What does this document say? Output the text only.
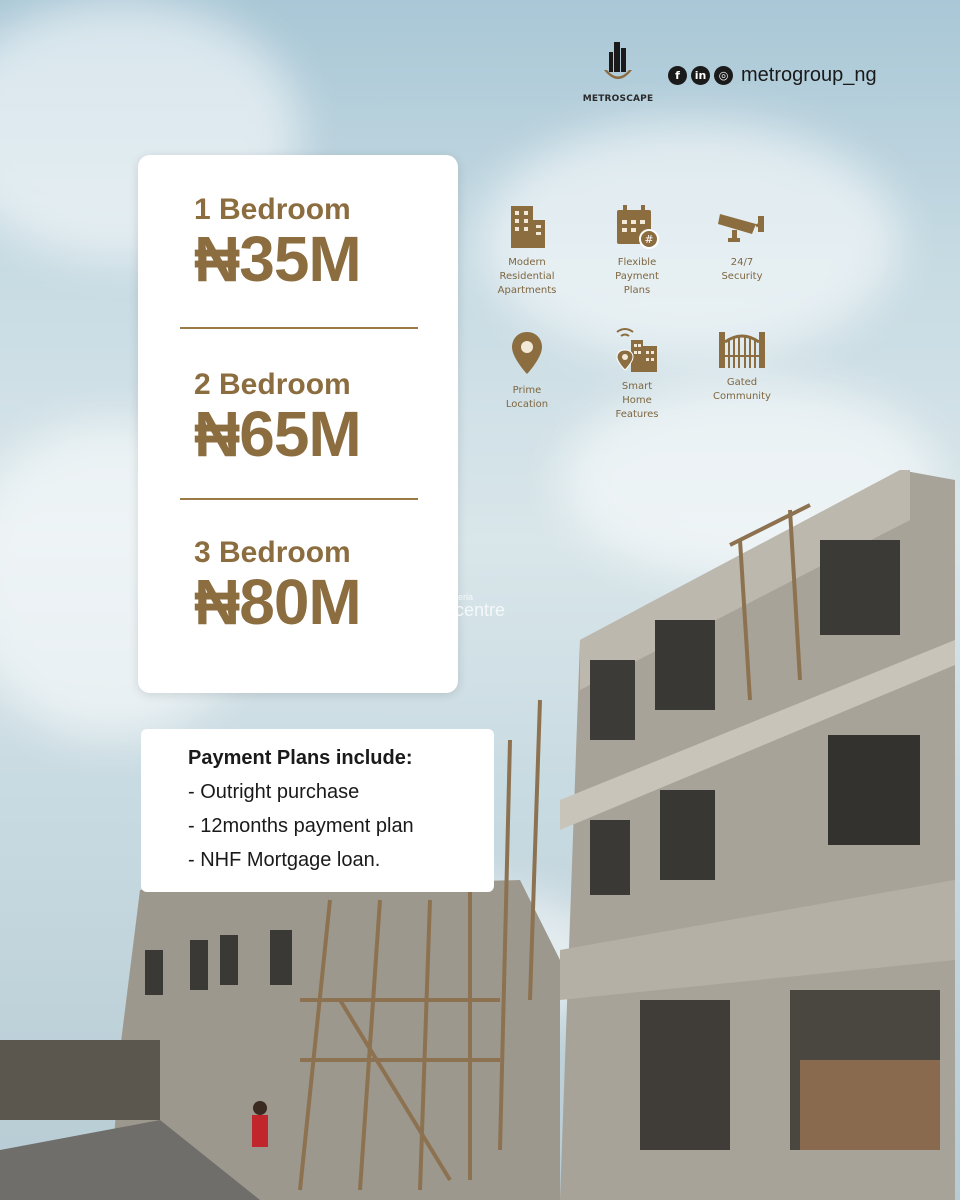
METROSCAPE
f	in	◎ metrogroup_ng
1 Bedroom
₦35M
2 Bedroom
₦65M
3 Bedroom
₦80M
Modern
Residential
Apartments
#
Flexible
Payment
Plans
24/7
Security
Prime
Location
Smart
Home
Features
Gated
Community
nigeria
property centre
Payment Plans include:
- Outright purchase
- 12months payment plan
- NHF Mortgage loan.
